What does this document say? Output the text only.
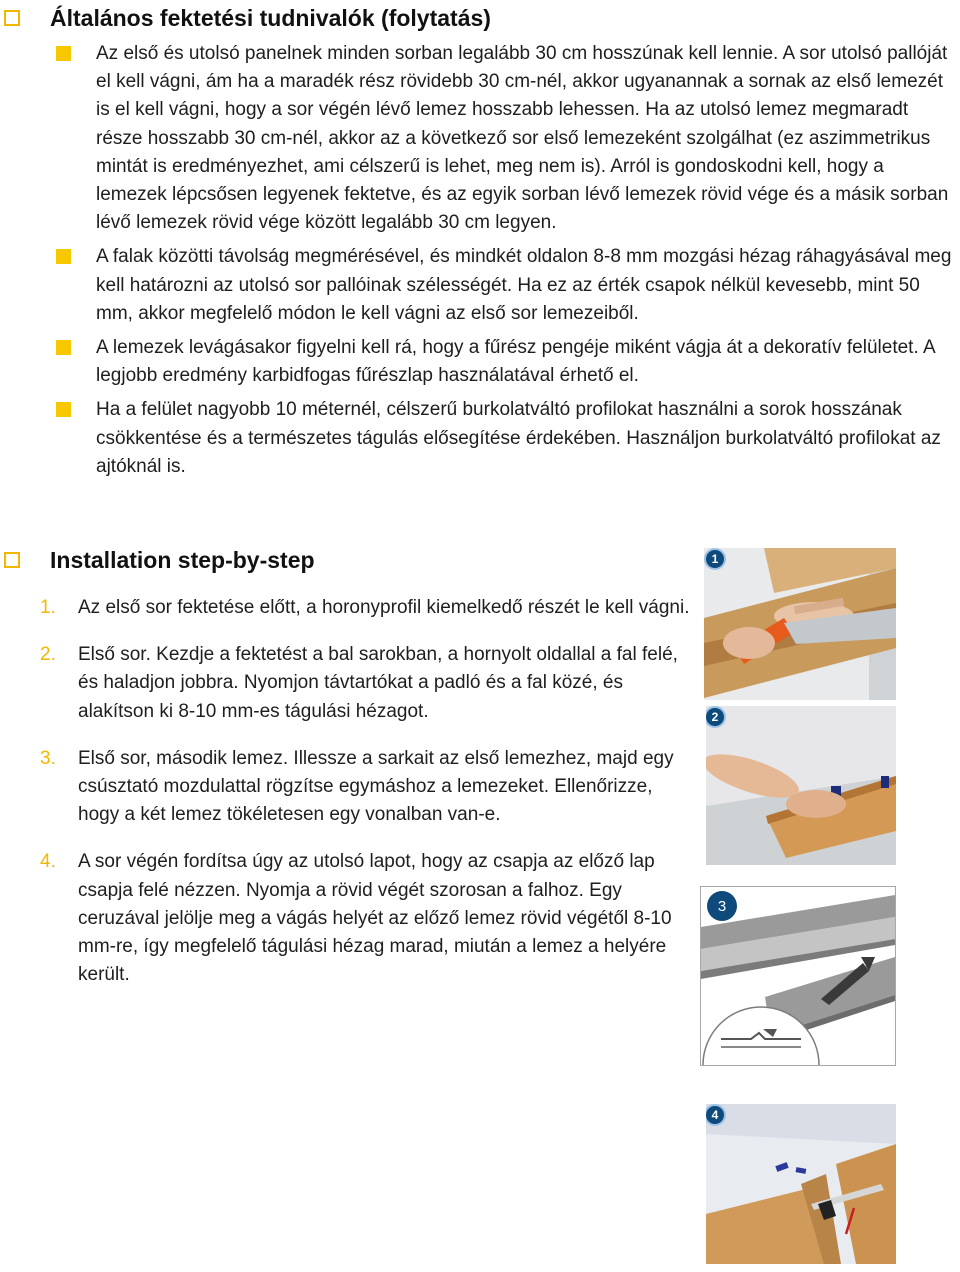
Általános fektetési tudnivalók (folytatás)
Az első és utolsó panelnek minden sorban legalább 30 cm hosszúnak kell lennie. A sor utolsó pallóját el kell vágni, ám ha a maradék rész rövidebb 30 cm-nél, akkor ugyanannak a sornak az első lemezét is el kell vágni, hogy a sor végén lévő lemez hosszabb lehessen. Ha az utolsó lemez megmaradt része hosszabb 30 cm-nél, akkor az a következő sor első lemezeként szolgálhat (ez aszimmetrikus mintát is eredményezhet, ami célszerű is lehet, meg nem is). Arról is gondoskodni kell, hogy a lemezek lépcsősen legyenek fektetve, és az egyik sorban lévő lemezek rövid vége és a másik sorban lévő lemezek rövid vége között legalább 30 cm legyen.
A falak közötti távolság megmérésével, és mindkét oldalon 8-8 mm mozgási hézag ráhagyásával meg kell határozni az utolsó sor pallóinak szélességét. Ha ez az érték csapok nélkül kevesebb, mint 50 mm, akkor megfelelő módon le kell vágni az első sor lemezeiből.
A lemezek levágásakor figyelni kell rá, hogy a fűrész pengéje miként vágja át a dekoratív felületet. A legjobb eredmény karbidfogas fűrészlap használatával érhető el.
Ha a felület nagyobb 10 méternél, célszerű burkolatváltó profilokat használni a sorok hosszának csökkentése és a természetes tágulás elősegítése érdekében. Használjon burkolatváltó profilokat az ajtóknál is.
Installation step-by-step
1. Az első sor fektetése előtt, a horonyprofil kiemelkedő részét le kell vágni.
2. Első sor. Kezdje a fektetést a bal sarokban, a hornyolt oldallal a fal felé, és haladjon jobbra. Nyomjon távtartókat a padló és a fal közé, és alakítson ki 8-10 mm-es tágulási hézagot.
3. Első sor, második lemez. Illessze a sarkait az első lemezhez, majd egy csúsztató mozdulattal rögzítse egymáshoz a lemezeket. Ellenőrizze, hogy a két lemez tökéletesen egy vonalban van-e.
4. A sor végén fordítsa úgy az utolsó lapot, hogy az csapja az előző lap csapja felé nézzen. Nyomja a rövid végét szorosan a falhoz. Egy ceruzával jelölje meg a vágás helyét az előző lemez rövid végétől 8-10 mm-re, így megfelelő tágulási hézag marad, miután a lemez a helyére került.
1
2
3
4
